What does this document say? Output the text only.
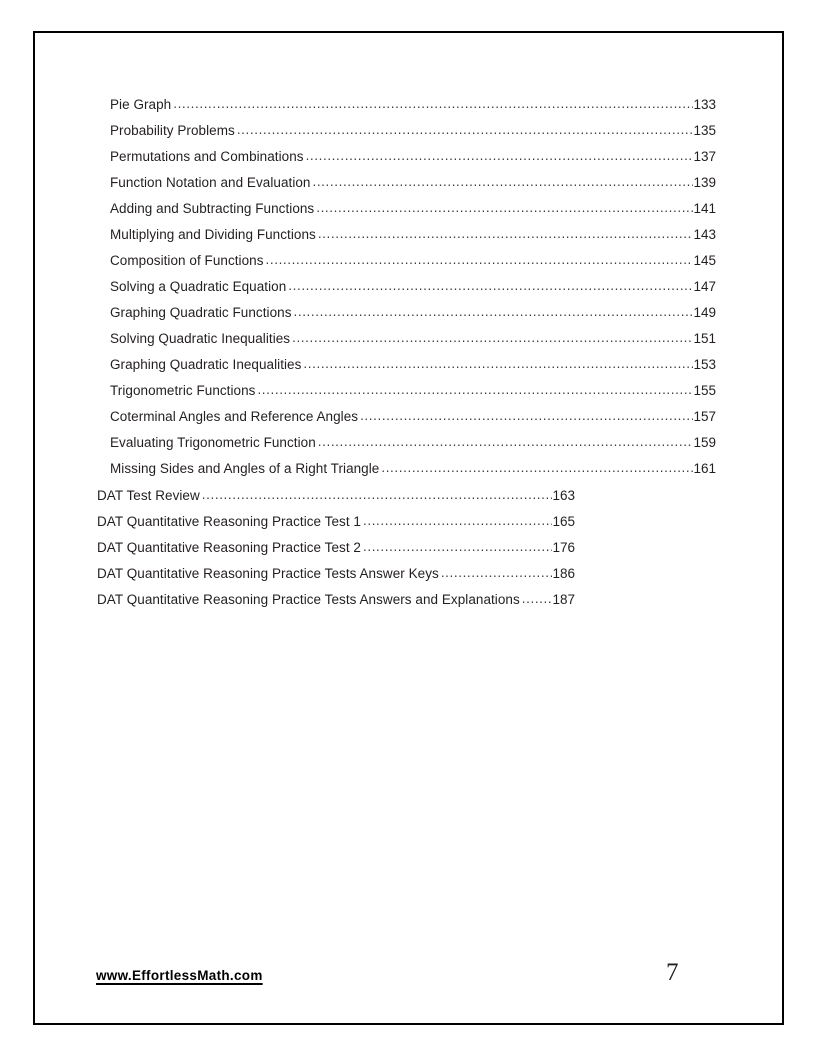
Pie Graph .....	133
Probability Problems .....	135
Permutations and Combinations .....	137
Function Notation and Evaluation .....	139
Adding and Subtracting Functions .....	141
Multiplying and Dividing Functions .....	143
Composition of Functions .....	145
Solving a Quadratic Equation .....	147
Graphing Quadratic Functions .....	149
Solving Quadratic Inequalities .....	151
Graphing Quadratic Inequalities .....	153
Trigonometric Functions .....	155
Coterminal Angles and Reference Angles .....	157
Evaluating Trigonometric Function .....	159
Missing Sides and Angles of a Right Triangle .....	161
DAT Test Review .....	163
DAT Quantitative Reasoning Practice Test 1 .....	165
DAT Quantitative Reasoning Practice Test 2 .....	176
DAT Quantitative Reasoning Practice Tests Answer Keys .....	186
DAT Quantitative Reasoning Practice Tests Answers and Explanations ..... 187
www.EffortlessMath.com	7
